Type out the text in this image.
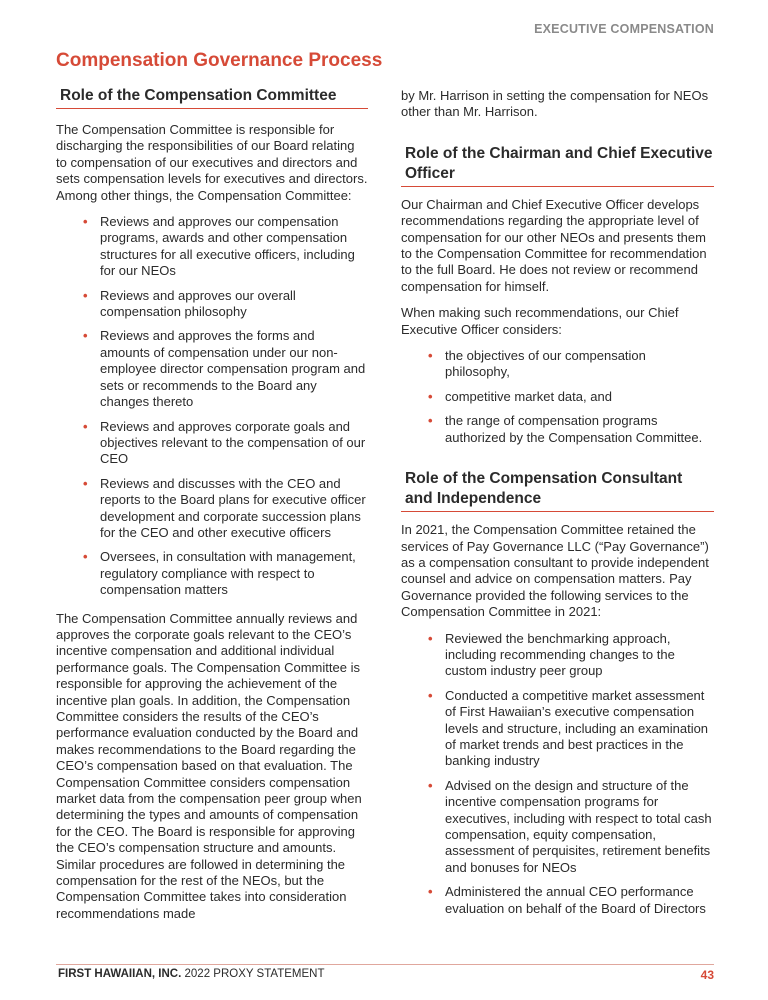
EXECUTIVE COMPENSATION
Compensation Governance Process
Role of the Compensation Committee

The Compensation Committee is responsible for discharging the responsibilities of our Board relating to compensation of our executives and directors and sets compensation levels for executives and directors. Among other things, the Compensation Committee:

• Reviews and approves our compensation programs, awards and other compensation structures for all executive officers, including for our NEOs
• Reviews and approves our overall compensation philosophy
• Reviews and approves the forms and amounts of compensation under our non-employee director compensation program and sets or recommends to the Board any changes thereto
• Reviews and approves corporate goals and objectives relevant to the compensation of our CEO
• Reviews and discusses with the CEO and reports to the Board plans for executive officer development and corporate succession plans for the CEO and other executive officers
• Oversees, in consultation with management, regulatory compliance with respect to compensation matters

The Compensation Committee annually reviews and approves the corporate goals relevant to the CEO’s incentive compensation and additional individual performance goals. The Compensation Committee is responsible for approving the achievement of the incentive plan goals. In addition, the Compensation Committee considers the results of the CEO’s performance evaluation conducted by the Board and makes recommendations to the Board regarding the CEO’s compensation based on that evaluation. The Compensation Committee considers compensation market data from the compensation peer group when determining the types and amounts of compensation for the CEO. The Board is responsible for approving the CEO’s compensation structure and amounts. Similar procedures are followed in determining the compensation for the rest of the NEOs, but the Compensation Committee takes into consideration recommendations made

by Mr. Harrison in setting the compensation for NEOs other than Mr. Harrison.

Role of the Chairman and Chief Executive Officer

Our Chairman and Chief Executive Officer develops recommendations regarding the appropriate level of compensation for our other NEOs and presents them to the Compensation Committee for recommendation to the full Board. He does not review or recommend compensation for himself.

When making such recommendations, our Chief Executive Officer considers:

• the objectives of our compensation philosophy,
• competitive market data, and
• the range of compensation programs authorized by the Compensation Committee.
Role of the Compensation Consultant and Independence

In 2021, the Compensation Committee retained the services of Pay Governance LLC (“Pay Governance”) as a compensation consultant to provide independent counsel and advice on compensation matters. Pay Governance provided the following services to the Compensation Committee in 2021:

• Reviewed the benchmarking approach, including recommending changes to the custom industry peer group
• Conducted a competitive market assessment of First Hawaiian’s executive compensation levels and structure, including an examination of market trends and best practices in the banking industry
• Advised on the design and structure of the incentive compensation programs for executives, including with respect to total cash compensation, equity compensation, assessment of perquisites, retirement benefits and bonuses for NEOs
• Administered the annual CEO performance evaluation on behalf of the Board of Directors
FIRST HAWAIIAN, INC. 2022 PROXY STATEMENT	43
